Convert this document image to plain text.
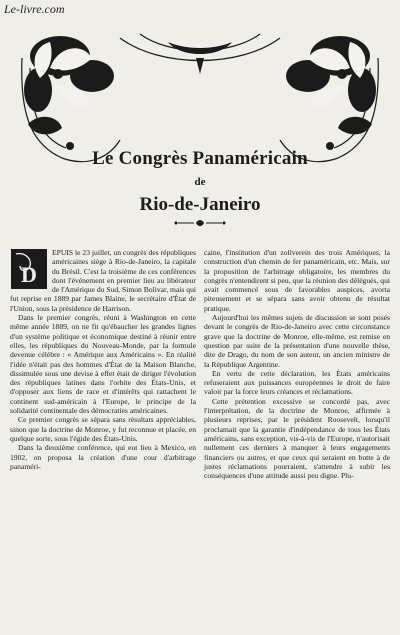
Le-livre.com
Le Congrès Panaméricain
de
Rio-de-Janeiro
D

EPUIS le 23 juillet, un congrès des républiques américaines siège à Rio-de-Janeiro, la capitale du Brésil. C'est la troisième de ces conférences dont l'événement en premier lieu au libérateur de l'Amérique du Sud, Simon Bolivar, mais qui fut reprise en 1889 par James Blaine, le secrétaire d'État de l'Union, sous la présidence de Harrison.

Dans le premier congrès, réuni à Washington en cette même année 1889, on ne fit qu'ébaucher les grandes lignes d'un système politique et économique destiné à réunir entre elles, les républiques du Nouveau-Monde, par la formule devenue célèbre : « Amérique aux Américains ». En réalité l'idée n'était pas des hommes d'État de la Maison Blanche, dissimulée sous une devise à effet était de diriger l'évolution des républiques latines dans l'orbite des États-Unis, et d'opposer aux liens de race et d'intérêts qui rattachent le continent sud-américain à l'Europe, le principe de la solidarité continentale des démocraties américaines.

Ce premier congrès se sépara sans résultats appréciables, sinon que la doctrine de Monroe, y fut reconnue et placée, en quelque sorte, sous l'égide des États-Unis.

Dans la deuxième conférence, qui eut lieu à Mexico, en 1902, on proposa la création d'une cour d'arbitrage panaméri-

caine, l'institution d'un zollverein des trois Amériques, la construction d'un chemin de fer panaméricain, etc. Mais, sur la proposition de l'arbitrage obligatoire, les membres du congrès n'entendirent si peu, que la réunion des délégués, qui avait commencé sous de favorables auspices, avorta piteusement et se sépara sans avoir obtenu de résultat pratique.

Aujourd'hui les mêmes sujets de discussion se sont posés devant le congrès de Rio-de-Janeiro avec cette circonstance grave que la doctrine de Monroe, elle-même, est remise en question par suite de la présentation d'une nouvelle thèse, dite de Drago, du nom de son auteur, un ancien ministre de la République Argentine.

En vertu de cette déclaration, les États américains refuseraient aux puissances européennes le droit de faire valoir par la force leurs créances et réclamations.

Cette prétention excessive se concordé pas, avec l'interprétation, de la doctrine de Monroe, affirmée à plusieurs reprises, par le président Roosevelt, lorsqu'il proclamait que la garantie d'indépendance de tous les États américains, sans exception, vis-à-vis de l'Europe, n'autorisait nullement ces derniers à manquer à leurs engagements financiers ou autres, et que ceux qui seraient en butte à de justes réclamations pourraient, s'attendre à subir les conséquences d'une attitude aussi peu digne. Plu-
